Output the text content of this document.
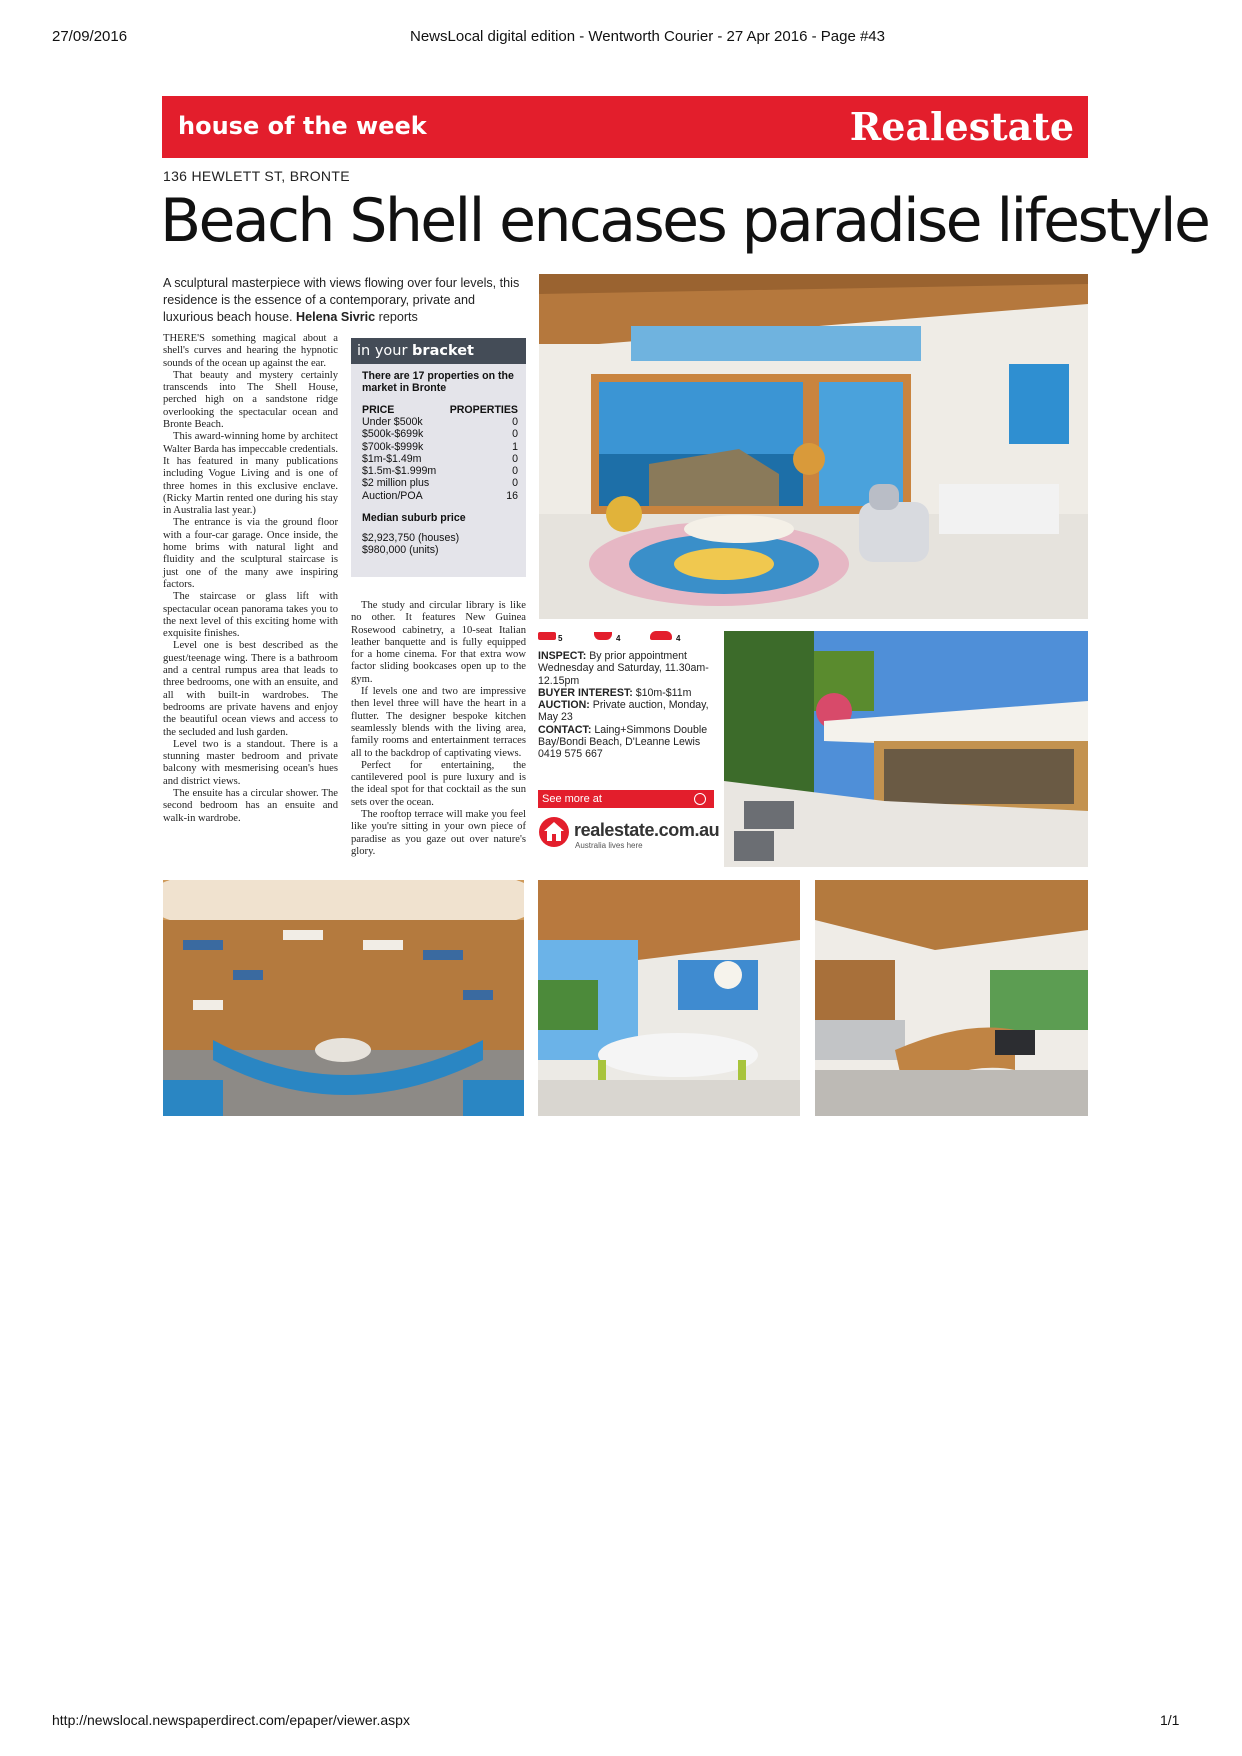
27/09/2016	NewsLocal digital edition - Wentworth Courier - 27 Apr 2016 - Page #43
house of the week	Realestate
136 HEWLETT ST, BRONTE
Beach Shell encases paradise lifestyle
A sculptural masterpiece with views flowing over four levels, this residence is the essence of a contemporary, private and luxurious beach house. Helena Sivric reports

THERE'S something magical about a shell's curves and hearing the hypnotic sounds of the ocean up against the ear.

That beauty and mystery certainly transcends into The Shell House, perched high on a sandstone ridge overlooking the spectacular ocean and Bronte Beach.

This award-winning home by architect Walter Barda has impeccable credentials. It has featured in many publications including Vogue Living and is one of three homes in this exclusive enclave. (Ricky Martin rented one during his stay in Australia last year.)

The entrance is via the ground floor with a four-car garage. Once inside, the home brims with natural light and fluidity and the sculptural staircase is just one of the many awe inspiring factors.

The staircase or glass lift with spectacular ocean panorama takes you to the next level of this exciting home with exquisite finishes.

Level one is best described as the guest/teenage wing. There is a bathroom and a central rumpus area that leads to three bedrooms, one with an ensuite, and all with built-in wardrobes. The bedrooms are private havens and enjoy the beautiful ocean views and access to the secluded and lush garden.

Level two is a standout. There is a stunning master bedroom and private balcony with mesmerising ocean's hues and district views.

The ensuite has a circular shower. The second bedroom has an ensuite and walk-in wardrobe.

in your bracket
There are 17 properties on the market in Bronte
PRICE	PROPERTIES
Under $500k	0
$500k-$699k	0
$700k-$999k	1
$1m-$1.49m	0
$1.5m-$1.999m	0
$2 million plus	0
Auction/POA	16
Median suburb price
$2,923,750 (houses)
$980,000 (units)

The study and circular library is like no other. It features New Guinea Rosewood cabinetry, a 10-seat Italian leather banquette and is fully equipped for a home cinema. For that extra wow factor sliding bookcases open up to the gym.

If levels one and two are impressive then level three will have the heart in a flutter. The designer bespoke kitchen seamlessly blends with the living area, family rooms and entertainment terraces all to the backdrop of captivating views.

Perfect for entertaining, the cantilevered pool is pure luxury and is the ideal spot for that cocktail as the sun sets over the ocean.

The rooftop terrace will make you feel like you're sitting in your own piece of paradise as you gaze out over nature's glory.

5	4	4
INSPECT: By prior appointment Wednesday and Saturday, 11.30am-12.15pm
BUYER INTEREST: $10m-$11m
AUCTION: Private auction, Monday, May 23
CONTACT: Laing+Simmons Double Bay/Bondi Beach, D'Leanne Lewis 0419 575 667
See more at
realestate.com.au
Australia lives here
http://newslocal.newspaperdirect.com/epaper/viewer.aspx	1/1
